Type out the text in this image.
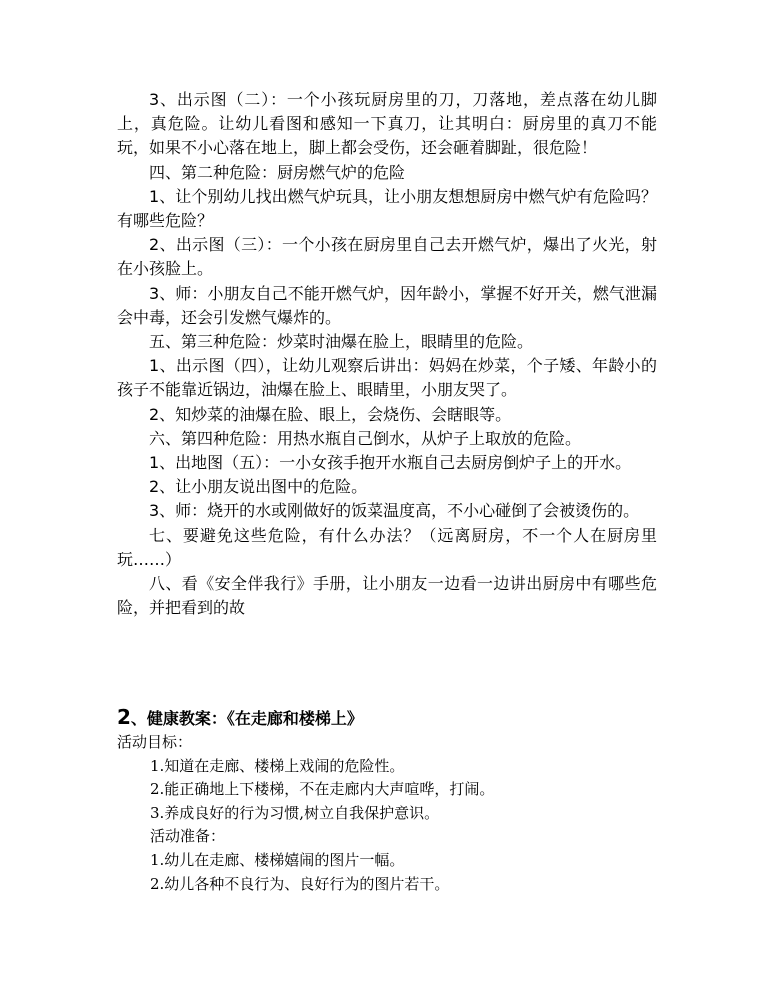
3、出示图（二）：一个小孩玩厨房里的刀，刀落地，差点落在幼儿脚上，真危险。让幼儿看图和感知一下真刀，让其明白：厨房里的真刀不能玩，如果不小心落在地上，脚上都会受伤，还会砸着脚趾，很危险！

四、第二种危险：厨房燃气炉的危险

1、让个别幼儿找出燃气炉玩具，让小朋友想想厨房中燃气炉有危险吗？有哪些危险？

2、出示图（三）：一个小孩在厨房里自己去开燃气炉，爆出了火光，射在小孩脸上。

3、师：小朋友自己不能开燃气炉，因年龄小，掌握不好开关，燃气泄漏会中毒，还会引发燃气爆炸的。

五、第三种危险：炒菜时油爆在脸上，眼睛里的危险。

1、出示图（四），让幼儿观察后讲出：妈妈在炒菜，个子矮、年龄小的孩子不能靠近锅边，油爆在脸上、眼睛里，小朋友哭了。

2、知炒菜的油爆在脸、眼上，会烧伤、会瞎眼等。

六、第四种危险：用热水瓶自己倒水，从炉子上取放的危险。

1、出地图（五）：一小女孩手抱开水瓶自己去厨房倒炉子上的开水。

2、让小朋友说出图中的危险。

3、师：烧开的水或刚做好的饭菜温度高，不小心碰倒了会被烫伤的。

七、要避免这些危险，有什么办法？（远离厨房，不一个人在厨房里玩……）

八、看《安全伴我行》手册，让小朋友一边看一边讲出厨房中有哪些危险，并把看到的故

2、健康教案：《在走廊和楼梯上》

活动目标：

1.知道在走廊、楼梯上戏闹的危险性。

2.能正确地上下楼梯，不在走廊内大声喧哗，打闹。

3.养成良好的行为习惯,树立自我保护意识。

活动准备：

1.幼儿在走廊、楼梯嬉闹的图片一幅。

2.幼儿各种不良行为、良好行为的图片若干。
